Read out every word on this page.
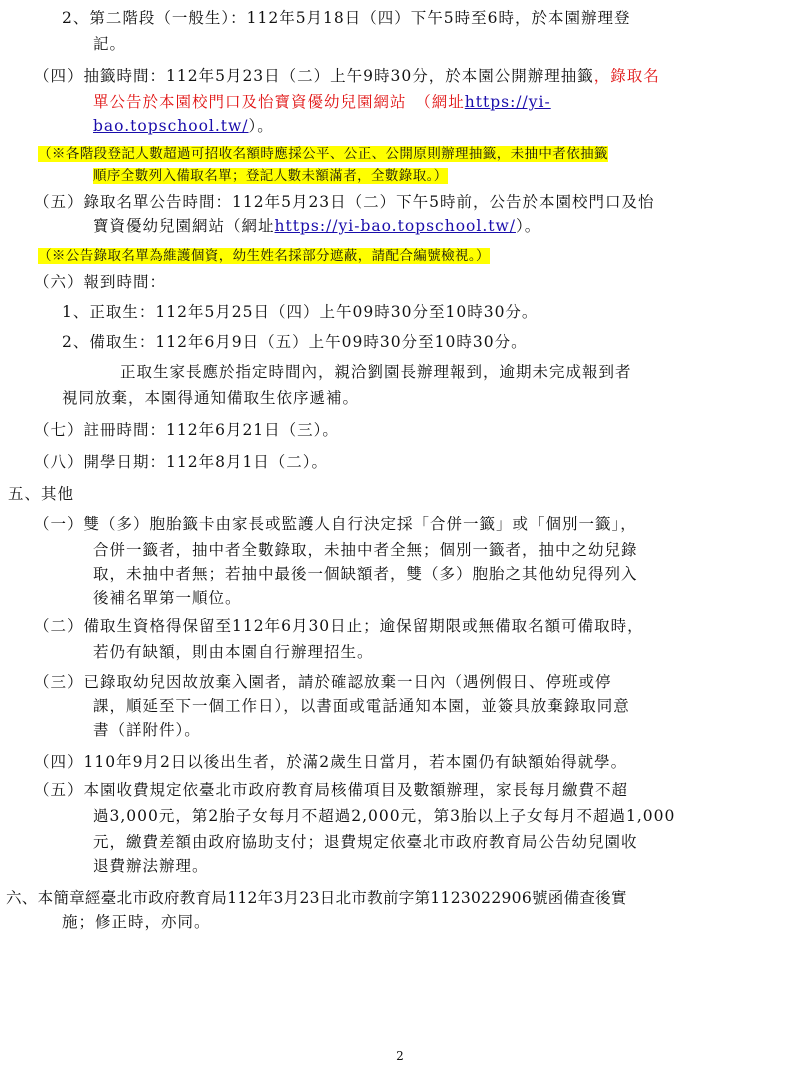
2、第二階段（一般生）：112年5月18日（四）下午5時至6時，於本園辦理登
記。
（四）抽籤時間：112年5月23日（二）上午9時30分，於本園公開辦理抽籤，錄取名
單公告於本園校門口及怡寶資優幼兒園網站　（網址https://yi-
bao.topschool.tw/）。
（※各階段登記人數超過可招收名額時應採公平、公正、公開原則辦理抽籤，未抽中者依抽籤
順序全數列入備取名單；登記人數未額滿者，全數錄取。）
（五）錄取名單公告時間：112年5月23日（二）下午5時前，公告於本園校門口及怡
寶資優幼兒園網站（網址https://yi-bao.topschool.tw/）。
（※公告錄取名單為維護個資，幼生姓名採部分遮蔽，請配合編號檢視。）
（六）報到時間：
1、正取生：112年5月25日（四）上午09時30分至10時30分。
2、備取生：112年6月9日（五）上午09時30分至10時30分。
正取生家長應於指定時間內，親洽劉園長辦理報到，逾期未完成報到者
視同放棄，本園得通知備取生依序遞補。
（七）註冊時間：112年6月21日（三）。
（八）開學日期：112年8月1日（二）。
五、其他
（一）雙（多）胞胎籤卡由家長或監護人自行決定採「合併一籤」或「個別一籤」，
合併一籤者，抽中者全數錄取，未抽中者全無；個別一籤者，抽中之幼兒錄
取，未抽中者無；若抽中最後一個缺額者，雙（多）胞胎之其他幼兒得列入
後補名單第一順位。
（二）備取生資格得保留至112年6月30日止；逾保留期限或無備取名額可備取時，
若仍有缺額，則由本園自行辦理招生。
（三）已錄取幼兒因故放棄入園者，請於確認放棄一日內（遇例假日、停班或停
課，順延至下一個工作日），以書面或電話通知本園，並簽具放棄錄取同意
書（詳附件）。
（四）110年9月2日以後出生者，於滿2歲生日當月，若本園仍有缺額始得就學。
（五）本園收費規定依臺北市政府教育局核備項目及數額辦理，家長每月繳費不超
過3,000元，第2胎子女每月不超過2,000元，第3胎以上子女每月不超過1,000
元，繳費差額由政府協助支付；退費規定依臺北市政府教育局公告幼兒園收
退費辦法辦理。
六、本簡章經臺北市政府教育局112年3月23日北市教前字第1123022906號函備查後實
施；修正時，亦同。
2
